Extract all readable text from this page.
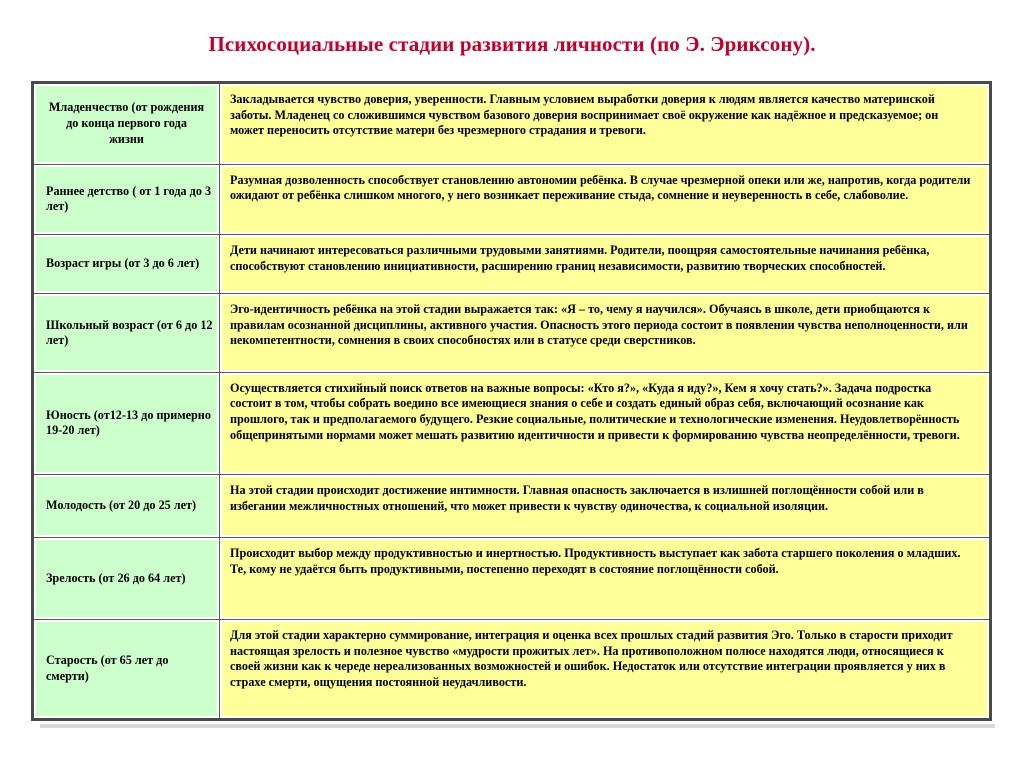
Психосоциальные стадии развития личности (по Э. Эриксону).
Младенчество (от рождения до конца первого года жизни	Закладывается чувство доверия, уверенности. Главным условием выработки доверия к людям является качество материнской заботы. Младенец со сложившимся чувством базового доверия воспринимает своё окружение как надёжное и предсказуемое; он может переносить отсутствие матери без чрезмерного страдания и тревоги.
Раннее детство ( от 1 года до 3 лет)	Разумная дозволенность способствует становлению автономии ребёнка. В случае чрезмерной опеки или же, напротив, когда родители ожидают от ребёнка слишком многого, у него возникает переживание стыда, сомнение и неуверенность в себе, слабоволие.
Возраст игры (от 3 до 6 лет)	Дети начинают интересоваться различными трудовыми занятиями. Родители, поощряя самостоятельные начинания ребёнка, способствуют становлению инициативности, расширению границ независимости, развитию творческих способностей.
Школьный возраст (от 6 до 12 лет)	Эго-идентичность ребёнка на этой стадии выражается так: «Я – то, чему я научился». Обучаясь в школе, дети приобщаются к правилам осознанной дисциплины, активного участия. Опасность этого периода состоит в появлении чувства неполноценности, или некомпетентности, сомнения в своих способностях или в статусе среди сверстников.
Юность (от12-13 до примерно 19-20 лет)	Осуществляется стихийный поиск ответов на важные вопросы: «Кто я?», «Куда я иду?», Кем я хочу стать?». Задача подростка состоит в том, чтобы собрать воедино все имеющиеся знания о себе и создать единый образ себя, включающий осознание как прошлого, так и предполагаемого будущего. Резкие социальные, политические и технологические изменения. Неудовлетворённость общепринятыми нормами может мешать развитию идентичности и привести к формированию чувства неопределённости, тревоги.
Молодость (от 20 до 25 лет)	На этой стадии происходит достижение интимности. Главная опасность заключается в излишней поглощённости собой или в избегании межличностных отношений, что может привести к чувству одиночества, к социальной изоляции.
Зрелость (от 26 до 64 лет)	Происходит выбор между продуктивностью и инертностью. Продуктивность выступает как забота старшего поколения о младших. Те, кому не удаётся быть продуктивными, постепенно переходят в состояние поглощённости собой.
Старость (от 65 лет до смерти)	Для этой стадии характерно суммирование, интеграция и оценка всех прошлых стадий развития Эго. Только в старости приходит настоящая зрелость и полезное чувство «мудрости прожитых лет». На противоположном полюсе находятся люди, относящиеся к своей жизни как к череде нереализованных возможностей и ошибок. Недостаток или отсутствие интеграции проявляется у них в страхе смерти, ощущения постоянной неудачливости.
